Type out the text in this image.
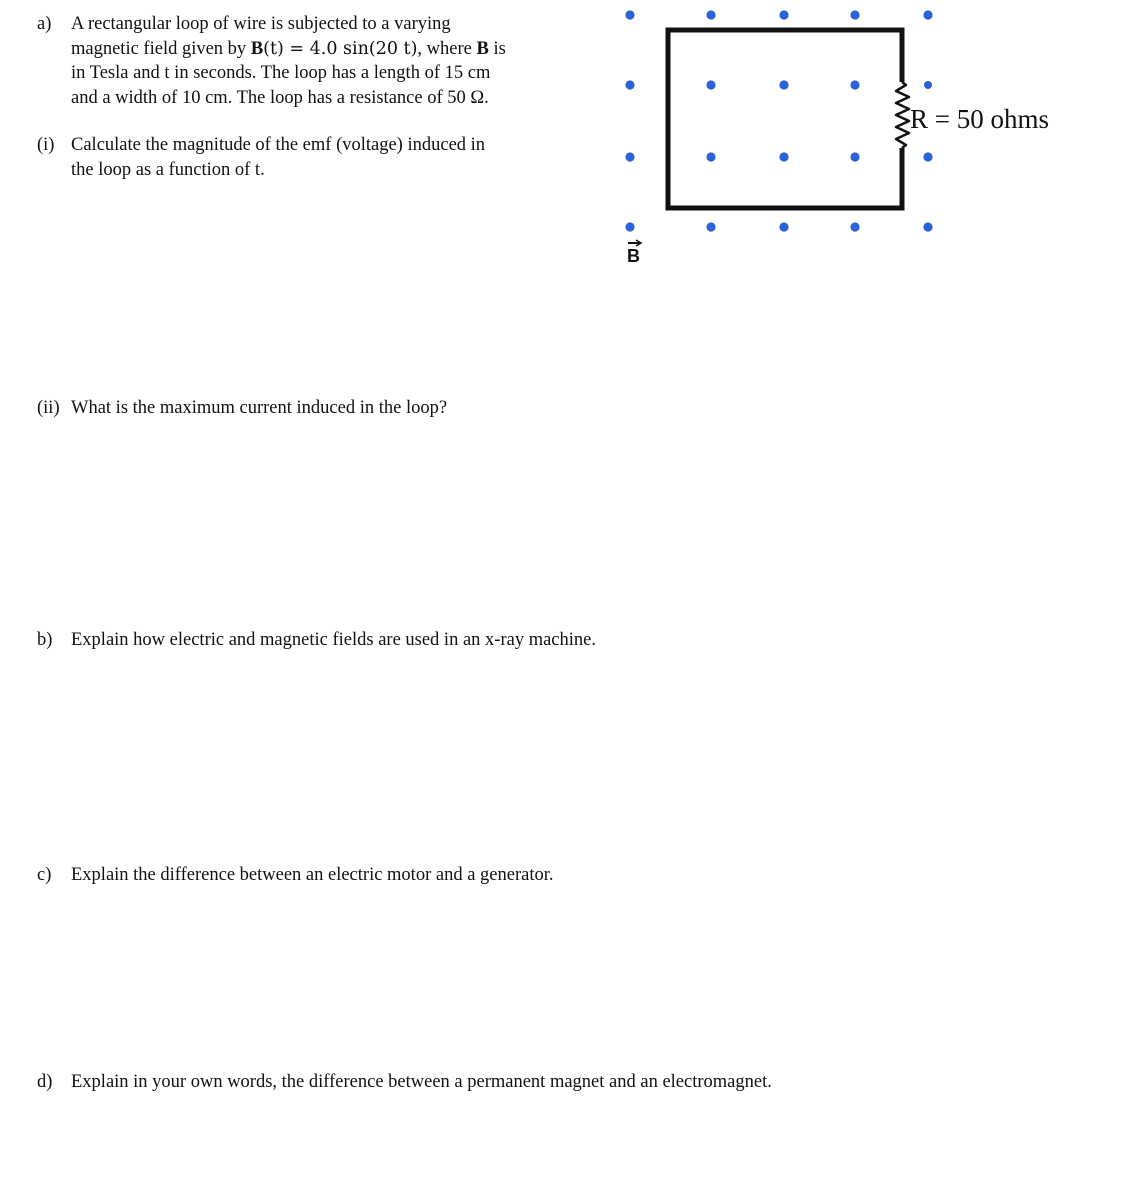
a) A rectangular loop of wire is subjected to a varying
magnetic field given by B(t) = 4.0 sin(20 t), where B is
in Tesla and t in seconds. The loop has a length of 15 cm
and a width of 10 cm. The loop has a resistance of 50 Ω.
(i) Calculate the magnitude of the emf (voltage) induced in
the loop as a function of t.
(ii) What is the maximum current induced in the loop?
b) Explain how electric and magnetic fields are used in an x-ray machine.
c) Explain the difference between an electric motor and a generator.
d) Explain in your own words, the difference between a permanent magnet and an electromagnet.
R = 50 ohms
B
